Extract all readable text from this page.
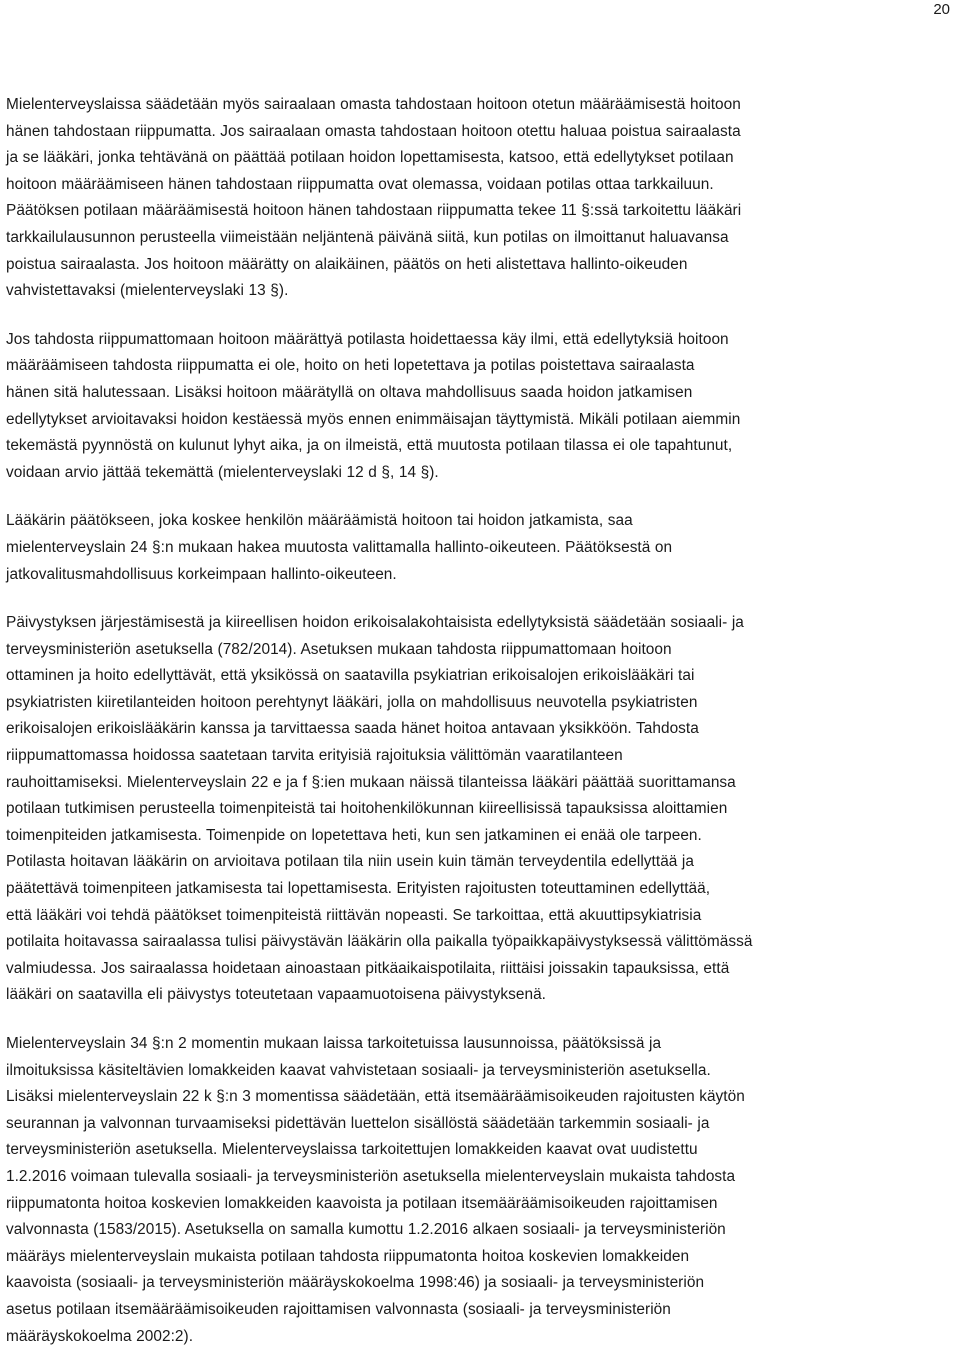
20

Mielenterveyslaissa säädetään myös sairaalaan omasta tahdostaan hoitoon otetun määräämisestä hoitoon
hänen tahdostaan riippumatta. Jos sairaalaan omasta tahdostaan hoitoon otettu haluaa poistua sairaalasta
ja se lääkäri, jonka tehtävänä on päättää potilaan hoidon lopettamisesta, katsoo, että edellytykset potilaan
hoitoon määräämiseen hänen tahdostaan riippumatta ovat olemassa, voidaan potilas ottaa tarkkailuun.
Päätöksen potilaan määräämisestä hoitoon hänen tahdostaan riippumatta tekee 11 §:ssä tarkoitettu lääkäri
tarkkailulausunnon perusteella viimeistään neljäntenä päivänä siitä, kun potilas on ilmoittanut haluavansa
poistua sairaalasta. Jos hoitoon määrätty on alaikäinen, päätös on heti alistettava hallinto-oikeuden
vahvistettavaksi (mielenterveyslaki 13 §).

Jos tahdosta riippumattomaan hoitoon määrättyä potilasta hoidettaessa käy ilmi, että edellytyksiä hoitoon
määräämiseen tahdosta riippumatta ei ole, hoito on heti lopetettava ja potilas poistettava sairaalasta
hänen sitä halutessaan. Lisäksi hoitoon määrätyllä on oltava mahdollisuus saada hoidon jatkamisen
edellytykset arvioitavaksi hoidon kestäessä myös ennen enimmäisajan täyttymistä. Mikäli potilaan aiemmin
tekemästä pyynnöstä on kulunut lyhyt aika, ja on ilmeistä, että muutosta potilaan tilassa ei ole tapahtunut,
voidaan arvio jättää tekemättä (mielenterveyslaki 12 d §, 14 §).

Lääkärin päätökseen, joka koskee henkilön määräämistä hoitoon tai hoidon jatkamista, saa
mielenterveyslain 24 §:n mukaan hakea muutosta valittamalla hallinto-oikeuteen. Päätöksestä on
jatkovalitusmahdollisuus korkeimpaan hallinto-oikeuteen.

Päivystyksen järjestämisestä ja kiireellisen hoidon erikoisalakohtaisista edellytyksistä säädetään sosiaali- ja
terveysministeriön asetuksella (782/2014). Asetuksen mukaan tahdosta riippumattomaan hoitoon
ottaminen ja hoito edellyttävät, että yksikössä on saatavilla psykiatrian erikoisalojen erikoislääkäri tai
psykiatristen kiiretilanteiden hoitoon perehtynyt lääkäri, jolla on mahdollisuus neuvotella psykiatristen
erikoisalojen erikoislääkärin kanssa ja tarvittaessa saada hänet hoitoa antavaan yksikköön. Tahdosta
riippumattomassa hoidossa saatetaan tarvita erityisiä rajoituksia välittömän vaaratilanteen
rauhoittamiseksi. Mielenterveyslain 22 e ja f §:ien mukaan näissä tilanteissa lääkäri päättää suorittamansa
potilaan tutkimisen perusteella toimenpiteistä tai hoitohenkilökunnan kiireellisissä tapauksissa aloittamien
toimenpiteiden jatkamisesta. Toimenpide on lopetettava heti, kun sen jatkaminen ei enää ole tarpeen.
Potilasta hoitavan lääkärin on arvioitava potilaan tila niin usein kuin tämän terveydentila edellyttää ja
päätettävä toimenpiteen jatkamisesta tai lopettamisesta. Erityisten rajoitusten toteuttaminen edellyttää,
että lääkäri voi tehdä päätökset toimenpiteistä riittävän nopeasti. Se tarkoittaa, että akuuttipsykiatrisia
potilaita hoitavassa sairaalassa tulisi päivystävän lääkärin olla paikalla työpaikkapäivystyksessä välittömässä
valmiudessa. Jos sairaalassa hoidetaan ainoastaan pitkäaikaispotilaita, riittäisi joissakin tapauksissa, että
lääkäri on saatavilla eli päivystys toteutetaan vapaamuotoisena päivystyksenä.

Mielenterveyslain 34 §:n 2 momentin mukaan laissa tarkoitetuissa lausunnoissa, päätöksissä ja
ilmoituksissa käsiteltävien lomakkeiden kaavat vahvistetaan sosiaali- ja terveysministeriön asetuksella.
Lisäksi mielenterveyslain 22 k §:n 3 momentissa säädetään, että itsemääräämisoikeuden rajoitusten käytön
seurannan ja valvonnan turvaamiseksi pidettävän luettelon sisällöstä säädetään tarkemmin sosiaali- ja
terveysministeriön asetuksella. Mielenterveyslaissa tarkoitettujen lomakkeiden kaavat ovat uudistettu
1.2.2016 voimaan tulevalla sosiaali- ja terveysministeriön asetuksella mielenterveyslain mukaista tahdosta
riippumatonta hoitoa koskevien lomakkeiden kaavoista ja potilaan itsemääräämisoikeuden rajoittamisen
valvonnasta (1583/2015). Asetuksella on samalla kumottu 1.2.2016 alkaen sosiaali- ja terveysministeriön
määräys mielenterveyslain mukaista potilaan tahdosta riippumatonta hoitoa koskevien lomakkeiden
kaavoista (sosiaali- ja terveysministeriön määräyskokoelma 1998:46) ja sosiaali- ja terveysministeriön
asetus potilaan itsemääräämisoikeuden rajoittamisen valvonnasta (sosiaali- ja terveysministeriön
määräyskokoelma 2002:2).
